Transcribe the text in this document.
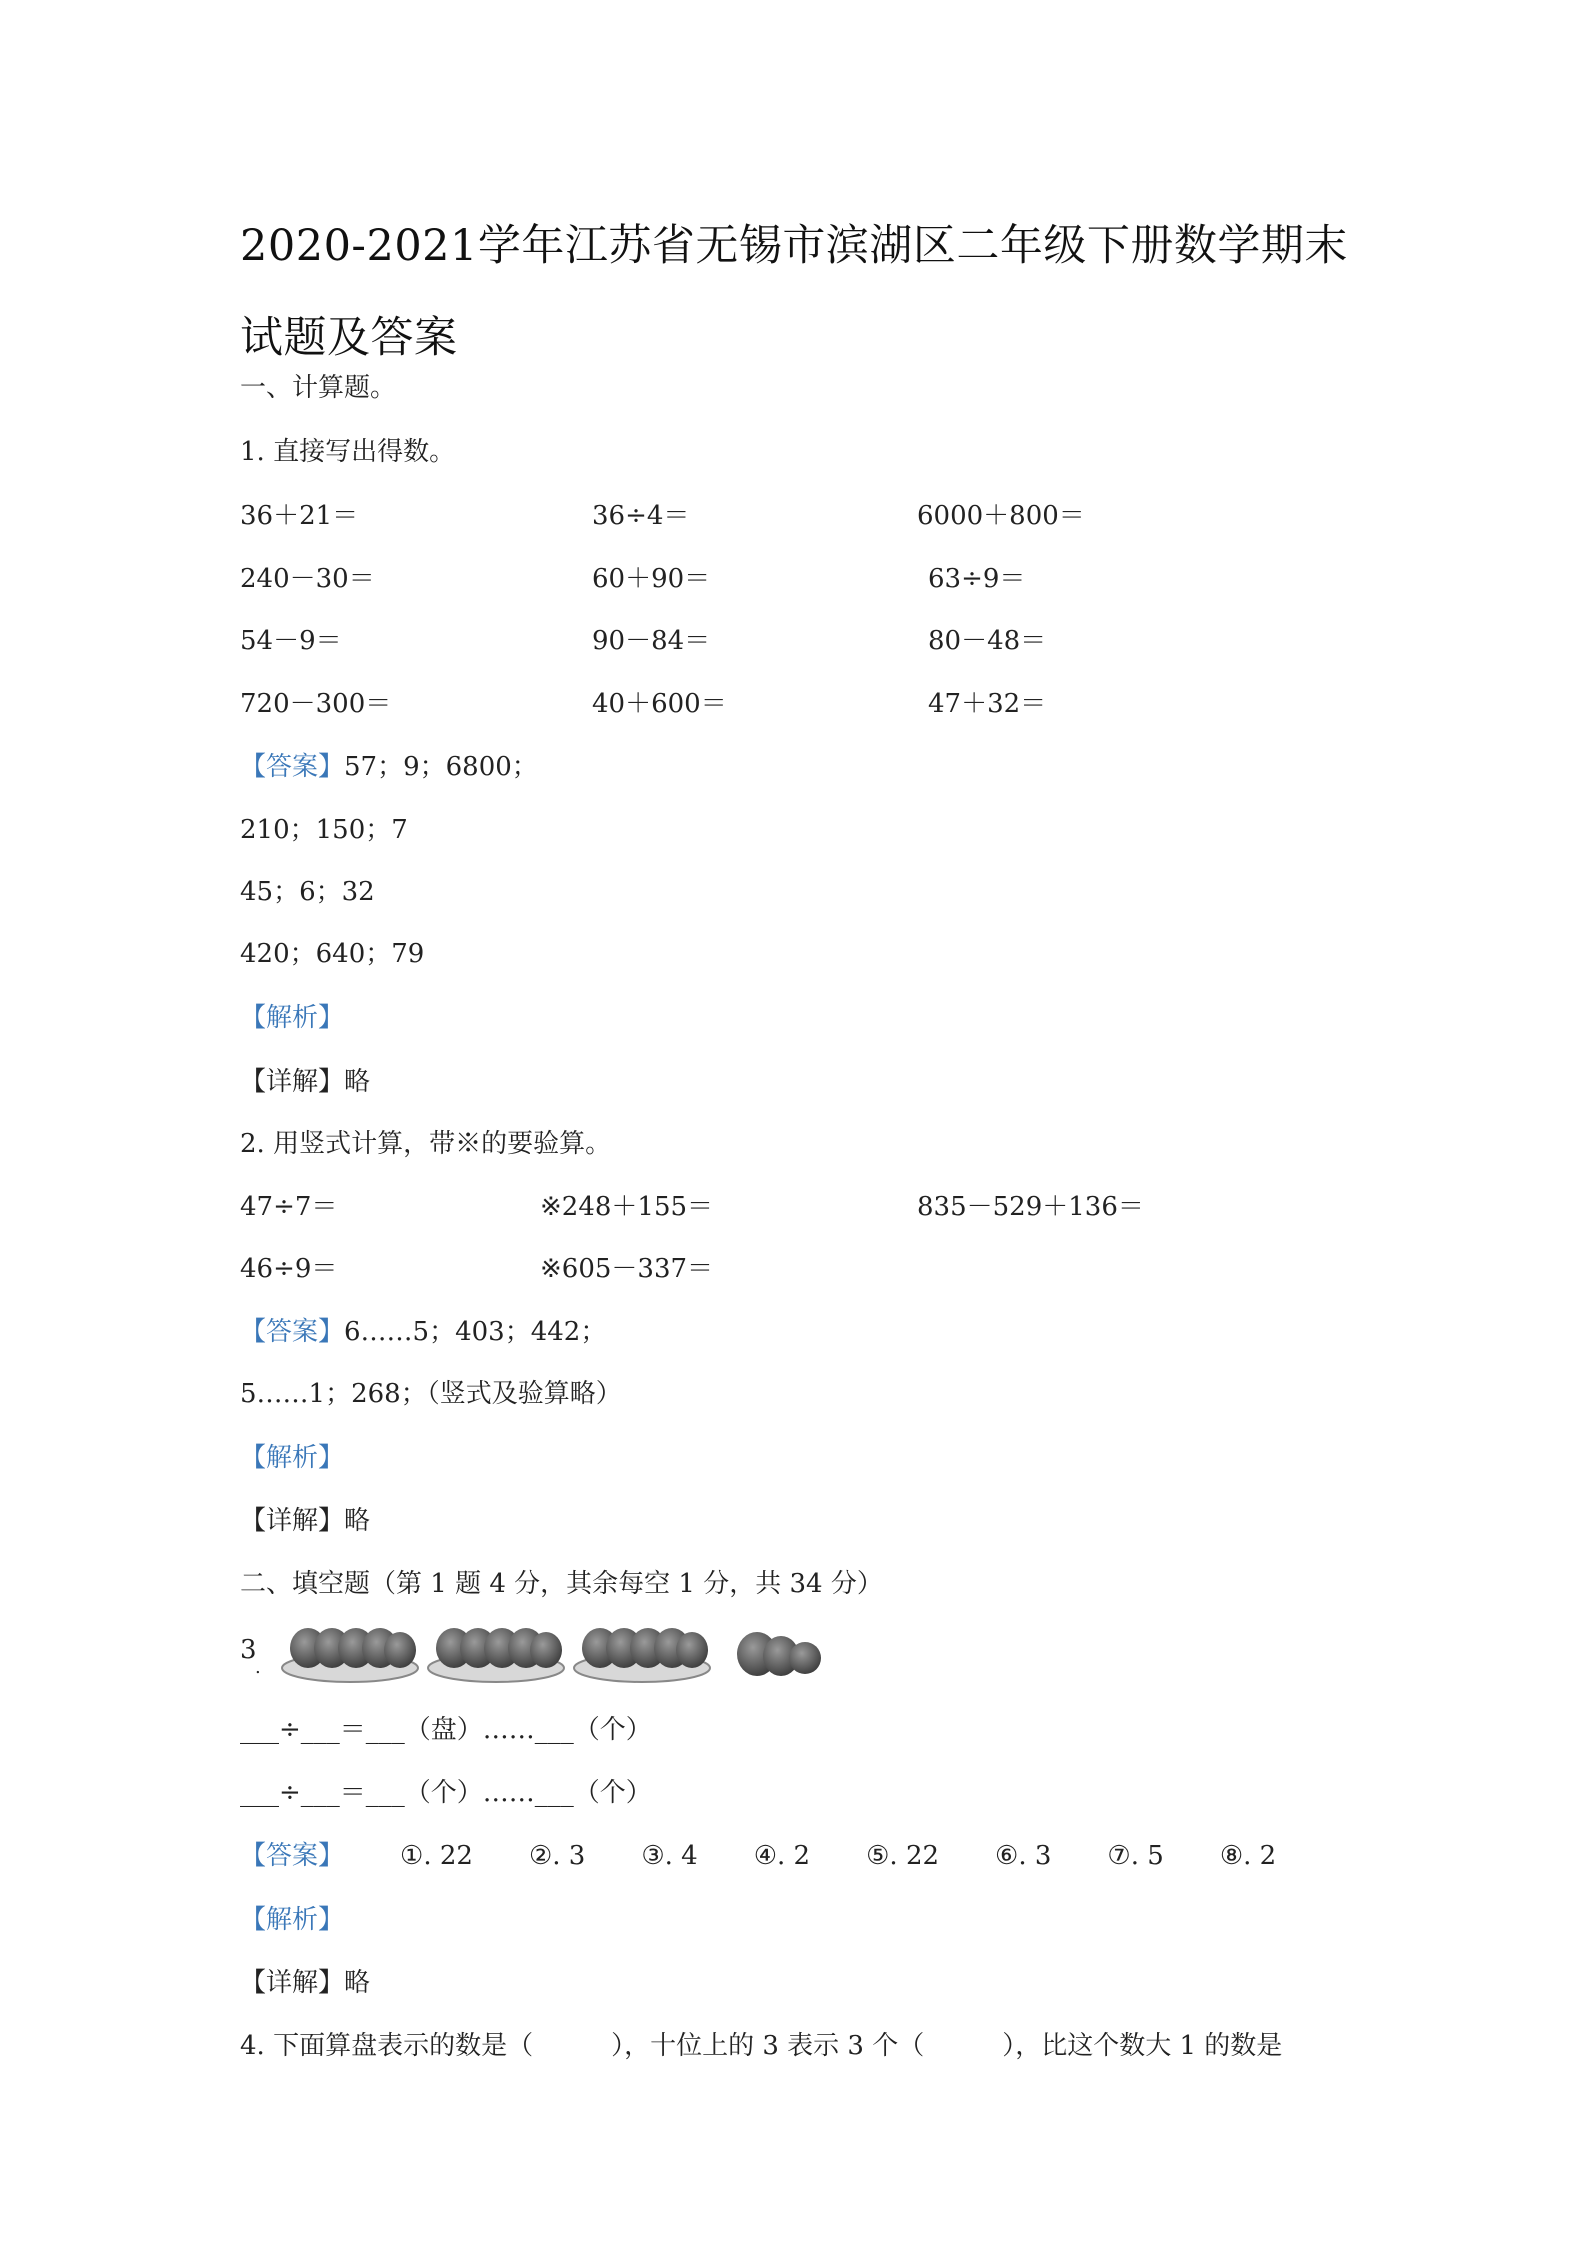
2020-2021学年江苏省无锡市滨湖区二年级下册数学期末试题及答案
一、计算题。
1. 直接写出得数。
36＋21＝	36÷4＝	6000＋800＝
240－30＝	60＋90＝	63÷9＝
54－9＝	90－84＝	80－48＝
720－300＝	40＋600＝	47＋32＝
【答案】57；9；6800；
210；150；7
45；6；32
420；640；79
【解析】
【详解】略
2. 用竖式计算，带※的要验算。
47÷7＝	※248＋155＝	835－529＋136＝
46÷9＝	※605－337＝
【答案】6……5；403；442；
5……1；268；（竖式及验算略）
【解析】
【详解】略
二、填空题（第 1 题 4 分，其余每空 1 分，共 34 分）
3
.
___÷___＝___（盘）……___（个）
___÷___＝___（个）……___（个）
【答案】 ①. 22 ②. 3 ③. 4 ④. 2 ⑤. 22 ⑥. 3 ⑦. 5 ⑧. 2
【解析】
【详解】略
4. 下面算盘表示的数是（　　　），十位上的 3 表示 3 个（　　　），比这个数大 1 的数是
